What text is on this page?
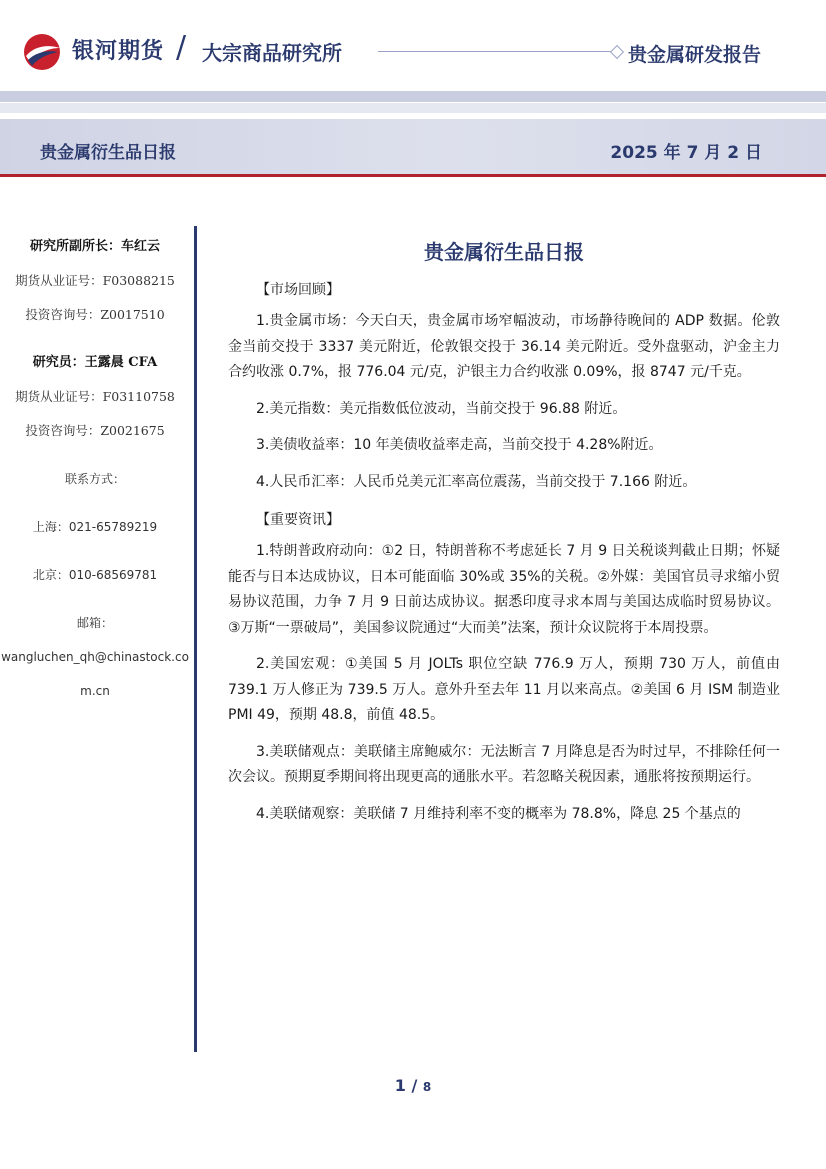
银河期货 / 大宗商品研究所	贵金属研发报告
贵金属衍生品日报	2025 年 7 月 2 日
研究所副所长：车红云
期货从业证号：F03088215
投资咨询号：Z0017510
研究员：王露晨 CFA
期货从业证号：F03110758
投资咨询号：Z0021675
联系方式：
上海：021-65789219
北京：010-68569781
邮箱：
wangluchen_qh@chinastock.co
m.cn
贵金属衍生品日报
【市场回顾】

1.贵金属市场：今天白天，贵金属市场窄幅波动，市场静待晚间的 ADP 数据。伦敦金当前交投于 3337 美元附近，伦敦银交投于 36.14 美元附近。受外盘驱动，沪金主力合约收涨 0.7%，报 776.04 元/克，沪银主力合约收涨 0.09%，报 8747 元/千克。

2.美元指数：美元指数低位波动，当前交投于 96.88 附近。

3.美债收益率：10 年美债收益率走高，当前交投于 4.28%附近。

4.人民币汇率：人民币兑美元汇率高位震荡，当前交投于 7.166 附近。

【重要资讯】

1.特朗普政府动向：①2 日，特朗普称不考虑延长 7 月 9 日关税谈判截止日期；怀疑能否与日本达成协议，日本可能面临 30%或 35%的关税。②外媒：美国官员寻求缩小贸易协议范围，力争 7 月 9 日前达成协议。据悉印度寻求本周与美国达成临时贸易协议。③万斯“一票破局”，美国参议院通过“大而美”法案，预计众议院将于本周投票。

2.美国宏观：①美国 5 月 JOLTs 职位空缺 776.9 万人，预期 730 万人，前值由 739.1 万人修正为 739.5 万人。意外升至去年 11 月以来高点。②美国 6 月 ISM 制造业 PMI 49，预期 48.8，前值 48.5。

3.美联储观点：美联储主席鲍威尔：无法断言 7 月降息是否为时过早，不排除任何一次会议。预期夏季期间将出现更高的通胀水平。若忽略关税因素，通胀将按预期运行。

4.美联储观察：美联储 7 月维持利率不变的概率为 78.8%，降息 25 个基点的

1 / 8
